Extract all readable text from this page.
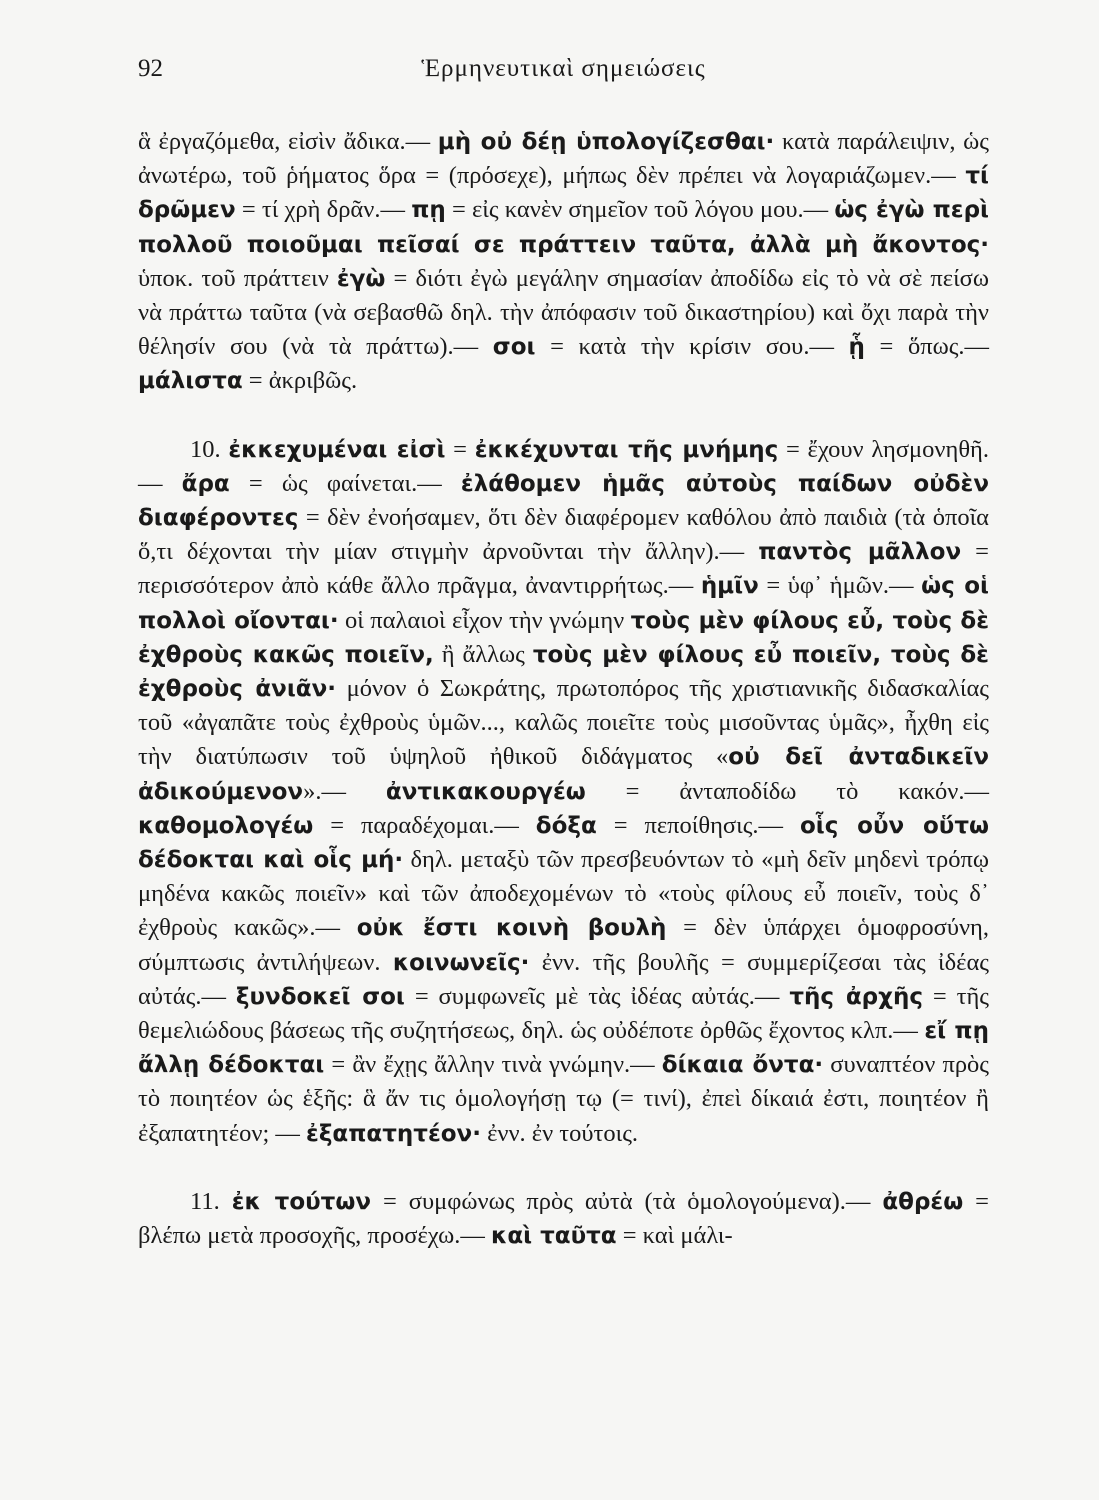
92	Ἑρμηνευτικαὶ σημειώσεις

ἃ ἐργαζόμεθα, εἰσὶν ἄδικα.— μὴ οὐ δέῃ ὑπολογίζεσθαι· κατὰ παράλειψιν, ὡς ἀνωτέρω, τοῦ ῥήματος ὅρα = (πρόσεχε), μήπως δὲν πρέπει νὰ λογαριάζωμεν.— τί δρῶμεν = τί χρὴ δρᾶν.— πῃ = εἰς κανὲν σημεῖον τοῦ λόγου μου.— ὡς ἐγὼ περὶ πολλοῦ ποιοῦμαι πεῖσαί σε πράττειν ταῦτα, ἀλλὰ μὴ ἄκοντος· ὑποκ. τοῦ πράττειν ἐγὼ = διότι ἐγὼ μεγάλην σημασίαν ἀποδίδω εἰς τὸ νὰ σὲ πείσω νὰ πράττω ταῦτα (νὰ σεβασθῶ δηλ. τὴν ἀπόφασιν τοῦ δικαστηρίου) καὶ ὄχι παρὰ τὴν θέλησίν σου (νὰ τὰ πράττω).— σοι = κατὰ τὴν κρίσιν σου.— ᾗ = ὅπως.— μάλιστα = ἀκριβῶς.

10. ἐκκεχυμέναι εἰσὶ = ἐκκέχυνται τῆς μνήμης = ἔχουν λησμονηθῆ.— ἄρα = ὡς φαίνεται.— ἐλάθομεν ἡμᾶς αὐτοὺς παίδων οὐδὲν διαφέροντες = δὲν ἐνοήσαμεν, ὅτι δὲν διαφέρομεν καθόλου ἀπὸ παιδιὰ (τὰ ὁποῖα ὅ,τι δέχονται τὴν μίαν στιγμὴν ἀρνοῦνται τὴν ἄλλην).— παντὸς μᾶλλον = περισσότερον ἀπὸ κάθε ἄλλο πρᾶγμα, ἀναντιρρήτως.— ἡμῖν = ὑφ᾽ ἡμῶν.— ὡς οἱ πολλοὶ οἴονται· οἱ παλαιοὶ εἶχον τὴν γνώμην τοὺς μὲν φίλους εὖ, τοὺς δὲ ἐχθροὺς κακῶς ποιεῖν, ἢ ἄλλως τοὺς μὲν φίλους εὖ ποιεῖν, τοὺς δὲ ἐχθροὺς ἀνιᾶν· μόνον ὁ Σωκράτης, πρωτοπόρος τῆς χριστιανικῆς διδασκαλίας τοῦ «ἀγαπᾶτε τοὺς ἐχθροὺς ὑμῶν..., καλῶς ποιεῖτε τοὺς μισοῦντας ὑμᾶς», ἦχθη εἰς τὴν διατύπωσιν τοῦ ὑψηλοῦ ἠθικοῦ διδάγματος «οὐ δεῖ ἀνταδικεῖν ἀδικούμενον».— ἀντικακουργέω = ἀνταποδίδω τὸ κακόν.— καθομολογέω = παραδέχομαι.— δόξα = πεποίθησις.— οἷς οὖν οὕτω δέδοκται καὶ οἷς μή· δηλ. μεταξὺ τῶν πρεσβευόντων τὸ «μὴ δεῖν μηδενὶ τρόπῳ μηδένα κακῶς ποιεῖν» καὶ τῶν ἀποδεχομένων τὸ «τοὺς φίλους εὖ ποιεῖν, τοὺς δ᾽ ἐχθροὺς κακῶς».— οὐκ ἔστι κοινὴ βουλὴ = δὲν ὑπάρχει ὁμοφροσύνη, σύμπτωσις ἀντιλήψεων. κοινωνεῖς· ἐνν. τῆς βουλῆς = συμμερίζεσαι τὰς ἰδέας αὐτάς.— ξυνδοκεῖ σοι = συμφωνεῖς μὲ τὰς ἰδέας αὐτάς.— τῆς ἀρχῆς = τῆς θεμελιώδους βάσεως τῆς συζητήσεως, δηλ. ὡς οὐδέποτε ὀρθῶς ἔχοντος κλπ.— εἴ πῃ ἄλλῃ δέδοκται = ἂν ἔχῃς ἄλλην τινὰ γνώμην.— δίκαια ὄντα· συναπτέον πρὸς τὸ ποιητέον ὡς ἑξῆς: ἃ ἄν τις ὁμολογήσῃ τῳ (= τινί), ἐπεὶ δίκαιά ἐστι, ποιητέον ἢ ἐξαπατητέον; — ἐξαπατητέον· ἐνν. ἐν τούτοις.

11. ἐκ τούτων = συμφώνως πρὸς αὐτὰ (τὰ ὁμολογούμενα).— ἀθρέω = βλέπω μετὰ προσοχῆς, προσέχω.— καὶ ταῦτα = καὶ μάλι-
